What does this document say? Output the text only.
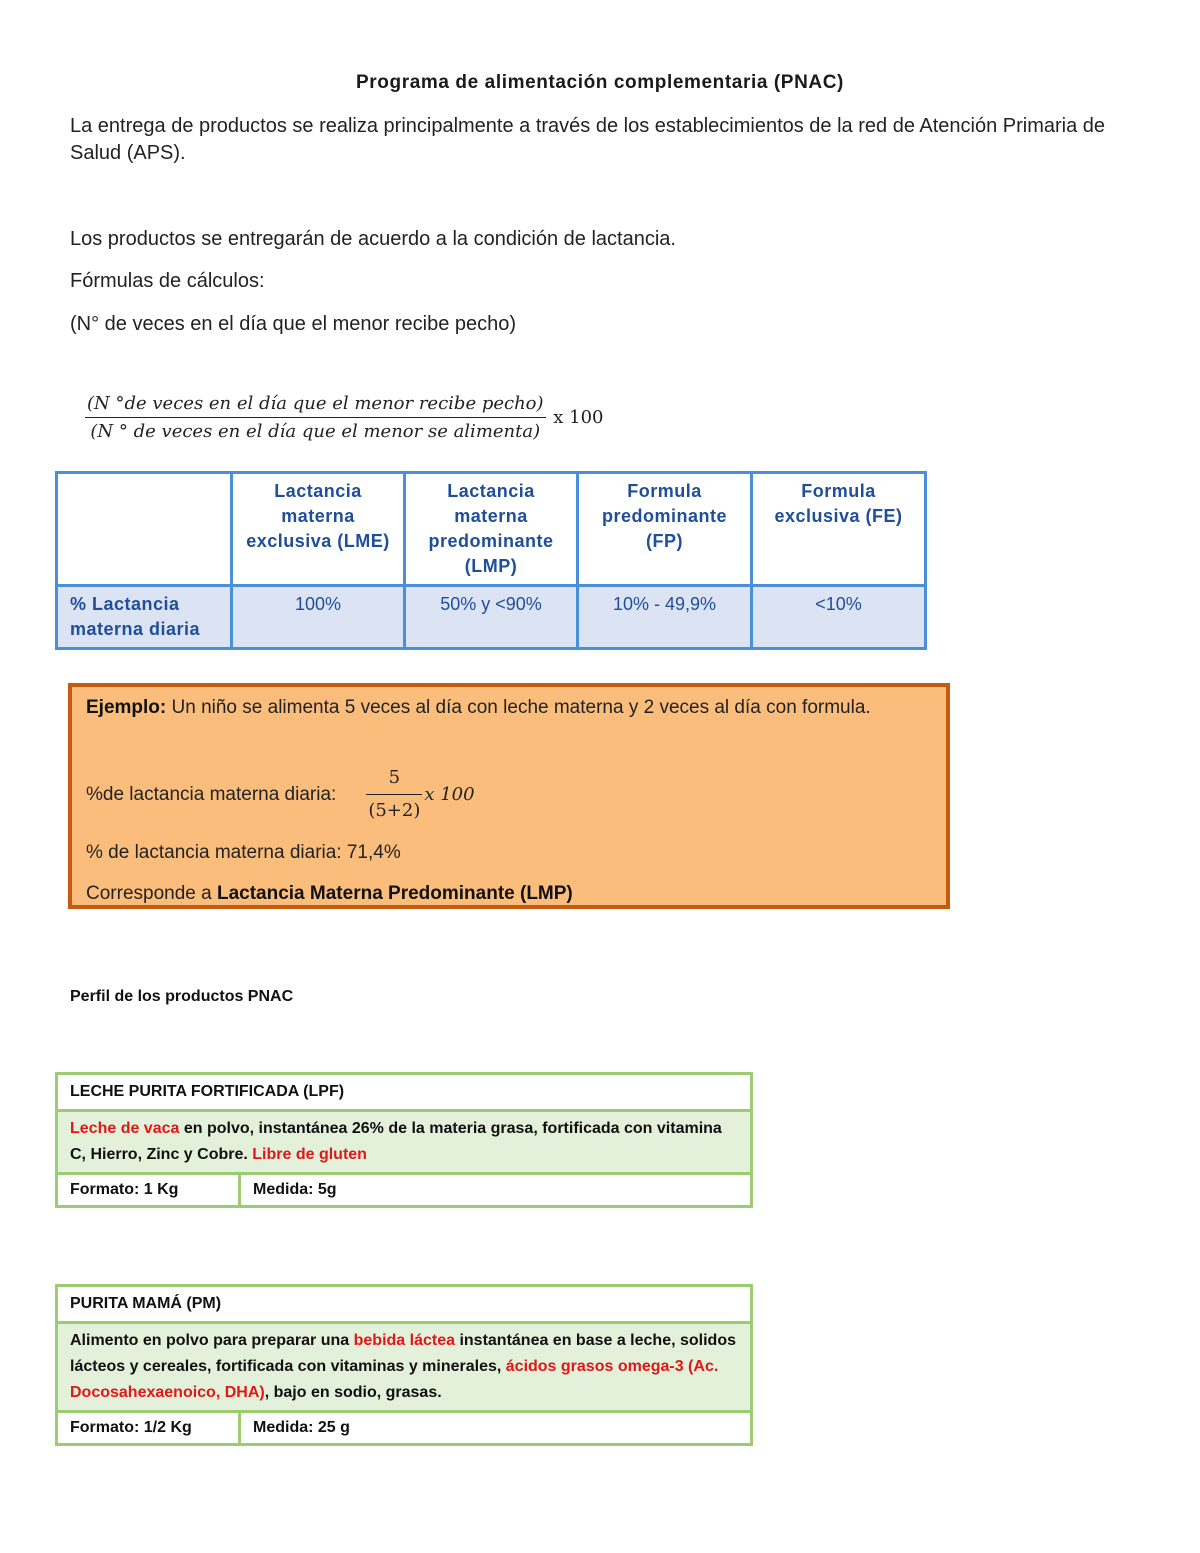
Programa de alimentación complementaria (PNAC)
La entrega de productos se realiza principalmente a través de los establecimientos de la red de Atención Primaria de Salud (APS).
Los productos se entregarán de acuerdo a la condición de lactancia.
Fórmulas de cálculos:
(N° de veces en el día que el menor recibe pecho)
$\frac{\text{(N °de veces en el día que el menor recibe pecho)}}{\text{(N ° de veces en el día que el menor se alimenta)}}$ x 100
	Lactancia materna exclusiva (LME)	Lactancia materna predominante (LMP)	Formula predominante (FP)	Formula exclusiva (FE)
% Lactancia materna diaria	100%	50% y <90%	10% - 49,9%	<10%
Ejemplo: Un niño se alimenta 5 veces al día con leche materna y 2 veces al día con formula.
%de lactancia materna diaria: $\frac{5}{(5+2)}$ x 100
% de lactancia materna diaria: 71,4%
Corresponde a Lactancia Materna Predominante (LMP)
Perfil de los productos PNAC
LECHE PURITA FORTIFICADA (LPF)
Leche de vaca en polvo, instantánea 26% de la materia grasa, fortificada con vitamina C, Hierro, Zinc y Cobre. Libre de gluten
Formato: 1 Kg	Medida: 5g
PURITA MAMÁ (PM)
Alimento en polvo para preparar una bebida láctea instantánea en base a leche, solidos lácteos y cereales, fortificada con vitaminas y minerales, ácidos grasos omega-3 (Ac. Docosahexaenoico, DHA), bajo en sodio, grasas.
Formato: 1/2 Kg	Medida: 25 g
